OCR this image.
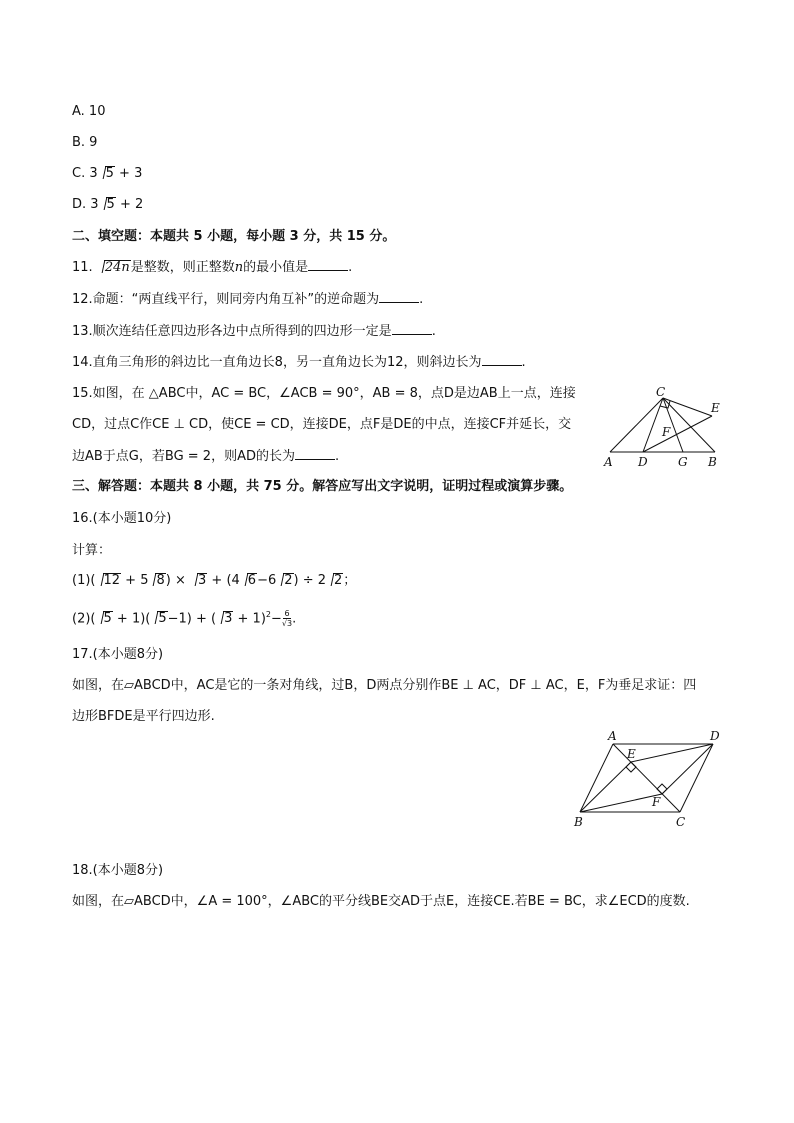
A. 10
B. 9
C. 3 5 + 3
D. 3 5 + 2
二、填空题：本题共 5 小题，每小题 3 分，共 15 分。
11. 24n是整数，则正整数n的最小值是	.
12.命题：“两直线平行，则同旁内角互补”的逆命题为	.
13.顺次连结任意四边形各边中点所得到的四边形一定是	.
14.直角三角形的斜边比一直角边长8，另一直角边长为12，则斜边长为	.
15.如图，在 △ABC中，AC = BC，∠ACB = 90°，AB = 8，点D是边AB上一点，连接
CD，过点C作CE ⊥ CD，使CE = CD，连接DE，点F是DE的中点，连接CF并延长，交
边AB于点G，若BG = 2，则AD的长为	.
C
E
F
A D	G B
三、解答题：本题共 8 小题，共 75 分。解答应写出文字说明，证明过程或演算步骤。
16.(本小题10分)
计算：
(1)( 12 + 5 8) × 3 + (4 6−6 2) ÷ 2 2；
(2)( 5 + 1)( 5−1) + ( $3 + 1)^2- \frac{6}{√3}$ .
17.(本小题8分)
如图，在▱ABCD中，AC是它的一条对角线，过B，D两点分别作BE ⊥ AC，DF ⊥ AC，E，F为垂足求证：四
边形BFDE是平行四边形.
A	D
E
F
B	C
18.(本小题8分)
如图，在▱ABCD中，∠A = 100°，∠ABC的平分线BE交AD于点E，连接CE.若BE = BC，求∠ECD的度数.
